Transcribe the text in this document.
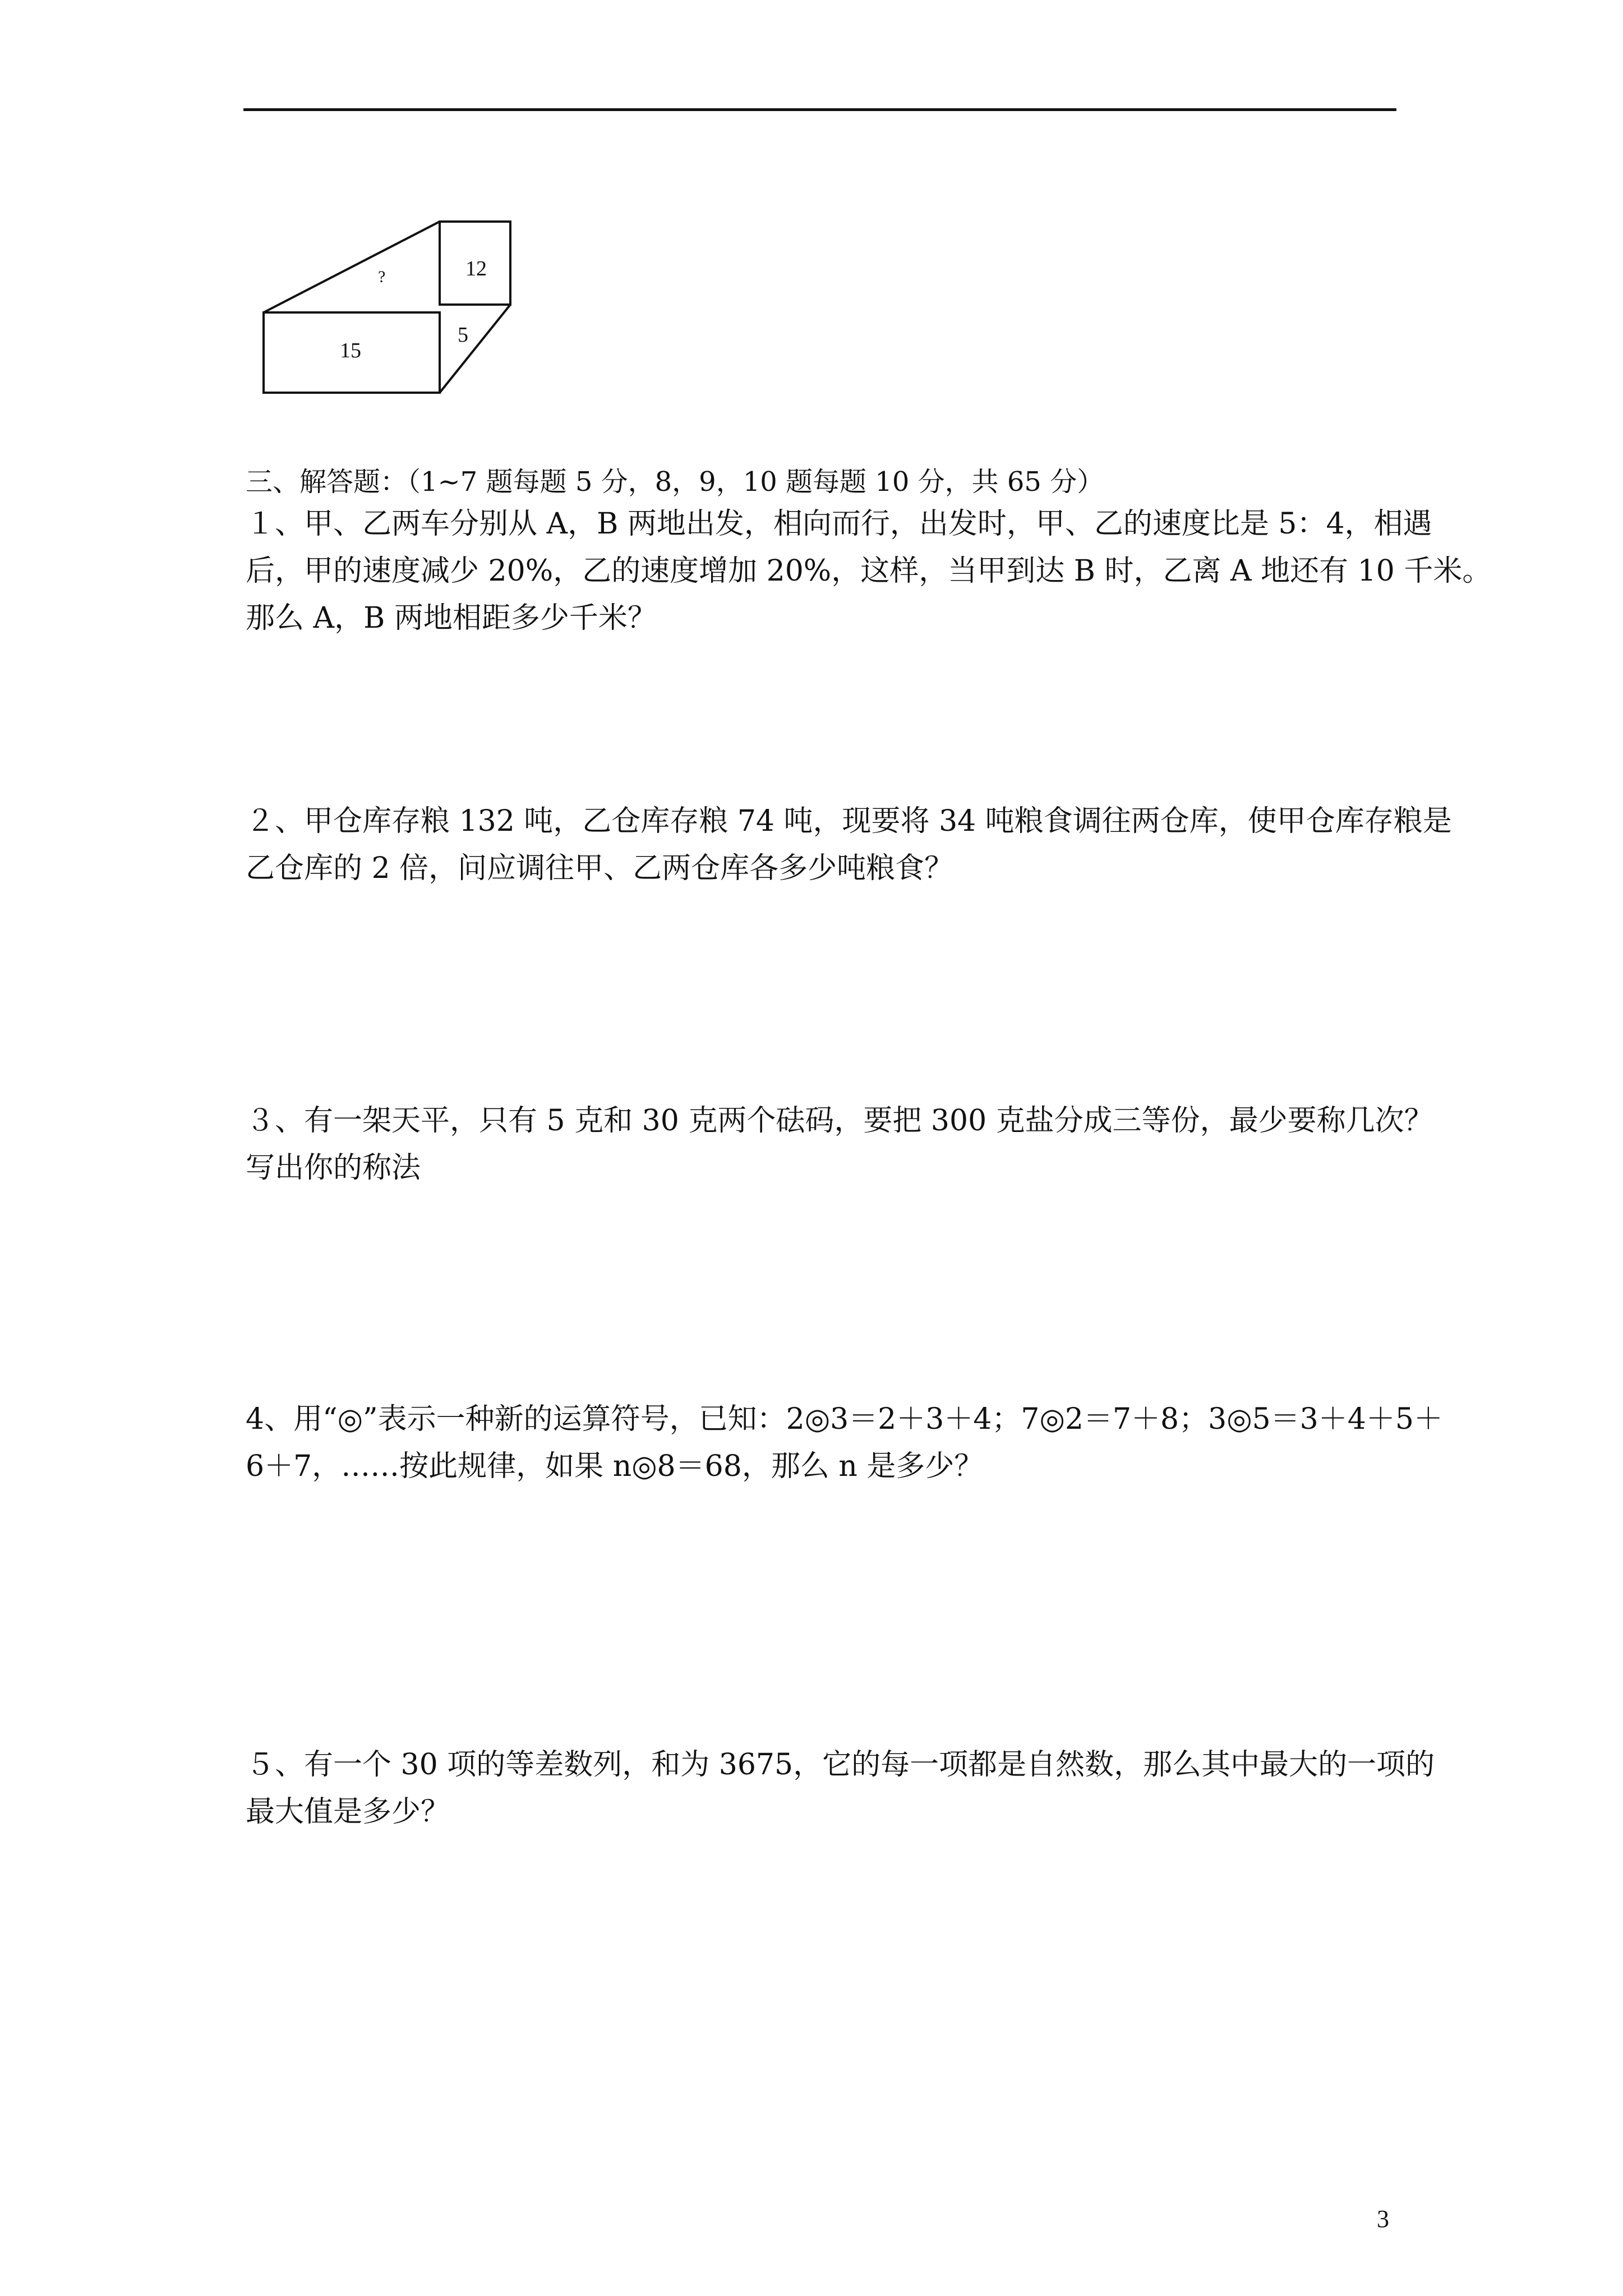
?	12
15
5
三、解答题：（1~7 题每题 5 分，8，9，10 题每题 10 分，共 65 分）
１、甲、乙两车分别从 A，B 两地出发，相向而行，出发时，甲、乙的速度比是 5：4，相遇
后，甲的速度减少 20%，乙的速度增加 20%，这样，当甲到达 B 时，乙离 A 地还有 10 千米。
那么 A，B 两地相距多少千米？
２、甲仓库存粮 132 吨，乙仓库存粮 74 吨，现要将 34 吨粮食调往两仓库，使甲仓库存粮是
乙仓库的 2 倍，问应调往甲、乙两仓库各多少吨粮食？
３、有一架天平，只有 5 克和 30 克两个砝码，要把 300 克盐分成三等份，最少要称几次？
写出你的称法
4、用“◎”表示一种新的运算符号，已知：2◎3＝2＋3＋4；7◎2＝7＋8；3◎5＝3＋4＋5＋
6＋7，……按此规律，如果 n◎8＝68，那么 n 是多少？
５、有一个 30 项的等差数列，和为 3675，它的每一项都是自然数，那么其中最大的一项的
最大值是多少？
3
